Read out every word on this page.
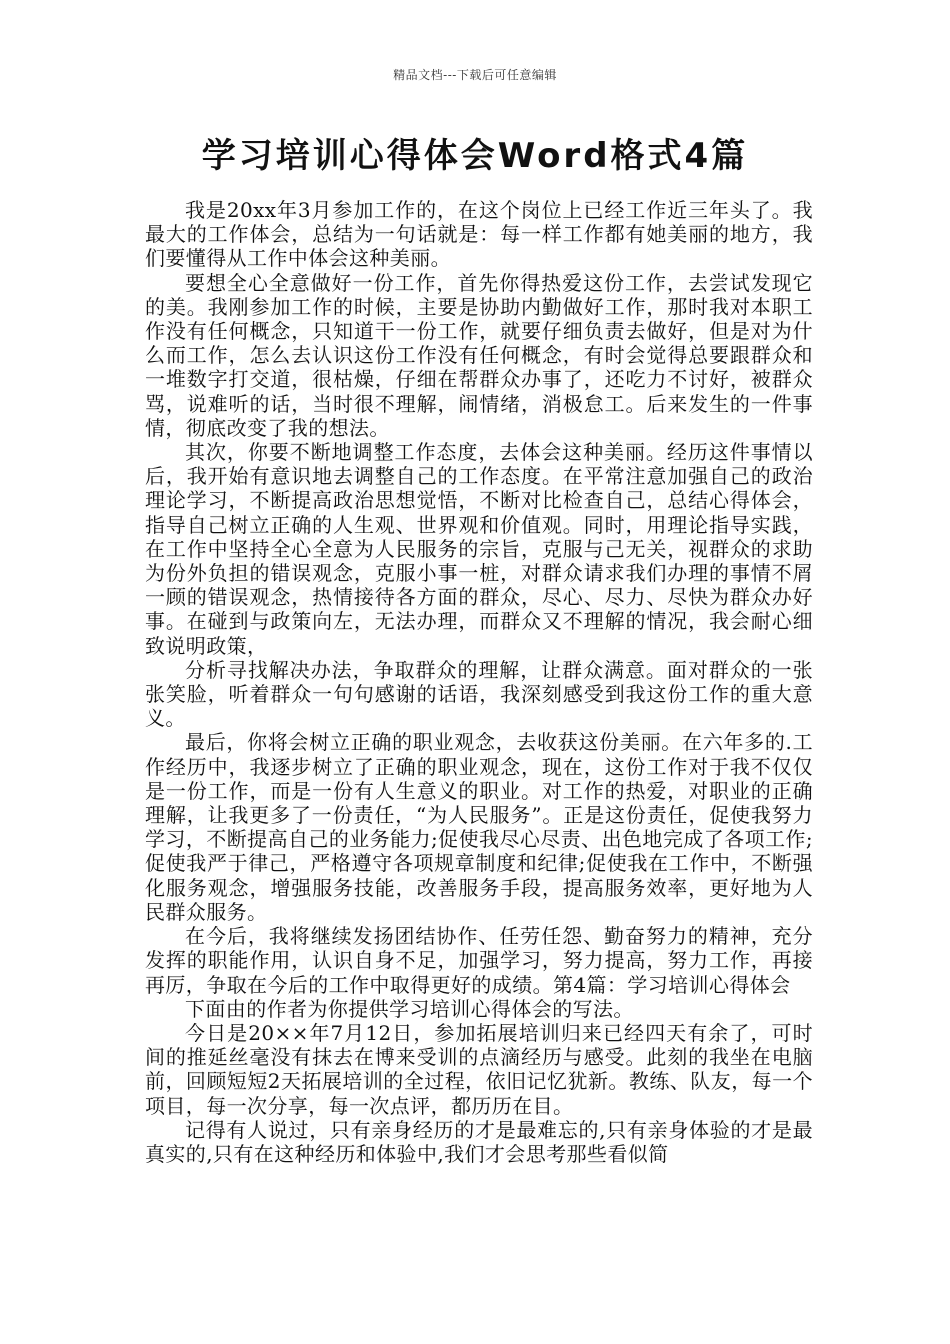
精品文档---下载后可任意编辑
学习培训心得体会Word格式4篇

我是20xx年3月参加工作的，在这个岗位上已经工作近三年头了。我最大的工作体会，总结为一句话就是：每一样工作都有她美丽的地方，我们要懂得从工作中体会这种美丽。

要想全心全意做好一份工作，首先你得热爱这份工作，去尝试发现它的美。我刚参加工作的时候，主要是协助内勤做好工作，那时我对本职工作没有任何概念，只知道干一份工作，就要仔细负责去做好，但是对为什么而工作，怎么去认识这份工作没有任何概念，有时会觉得总要跟群众和一堆数字打交道，很枯燥，仔细在帮群众办事了，还吃力不讨好，被群众骂，说难听的话，当时很不理解，闹情绪，消极怠工。后来发生的一件事情，彻底改变了我的想法。

其次，你要不断地调整工作态度，去体会这种美丽。经历这件事情以后，我开始有意识地去调整自己的工作态度。在平常注意加强自己的政治理论学习，不断提高政治思想觉悟，不断对比检查自己，总结心得体会，指导自己树立正确的人生观、世界观和价值观。同时，用理论指导实践，在工作中坚持全心全意为人民服务的宗旨，克服与己无关，视群众的求助为份外负担的错误观念，克服小事一桩，对群众请求我们办理的事情不屑一顾的错误观念，热情接待各方面的群众，尽心、尽力、尽快为群众办好事。在碰到与政策向左，无法办理，而群众又不理解的情况，我会耐心细致说明政策，

分析寻找解决办法，争取群众的理解，让群众满意。面对群众的一张张笑脸，听着群众一句句感谢的话语，我深刻感受到我这份工作的重大意义。

最后，你将会树立正确的职业观念，去收获这份美丽。在六年多的.工作经历中，我逐步树立了正确的职业观念，现在，这份工作对于我不仅仅是一份工作，而是一份有人生意义的职业。对工作的热爱，对职业的正确理解，让我更多了一份责任，“为人民服务”。正是这份责任，促使我努力学习，不断提高自己的业务能力;促使我尽心尽责、出色地完成了各项工作;促使我严于律己，严格遵守各项规章制度和纪律;促使我在工作中，不断强化服务观念，增强服务技能，改善服务手段，提高服务效率，更好地为人民群众服务。

在今后，我将继续发扬团结协作、任劳任怨、勤奋努力的精神，充分发挥的职能作用，认识自身不足，加强学习，努力提高，努力工作，再接再厉，争取在今后的工作中取得更好的成绩。第4篇：学习培训心得体会

下面由的作者为你提供学习培训心得体会的写法。

今日是20××年7月12日，参加拓展培训归来已经四天有余了，可时间的推延丝毫没有抹去在博来受训的点滴经历与感受。此刻的我坐在电脑前，回顾短短2天拓展培训的全过程，依旧记忆犹新。教练、队友，每一个项目，每一次分享，每一次点评，都历历在目。

记得有人说过，只有亲身经历的才是最难忘的,只有亲身体验的才是最真实的,只有在这种经历和体验中,我们才会思考那些看似简
